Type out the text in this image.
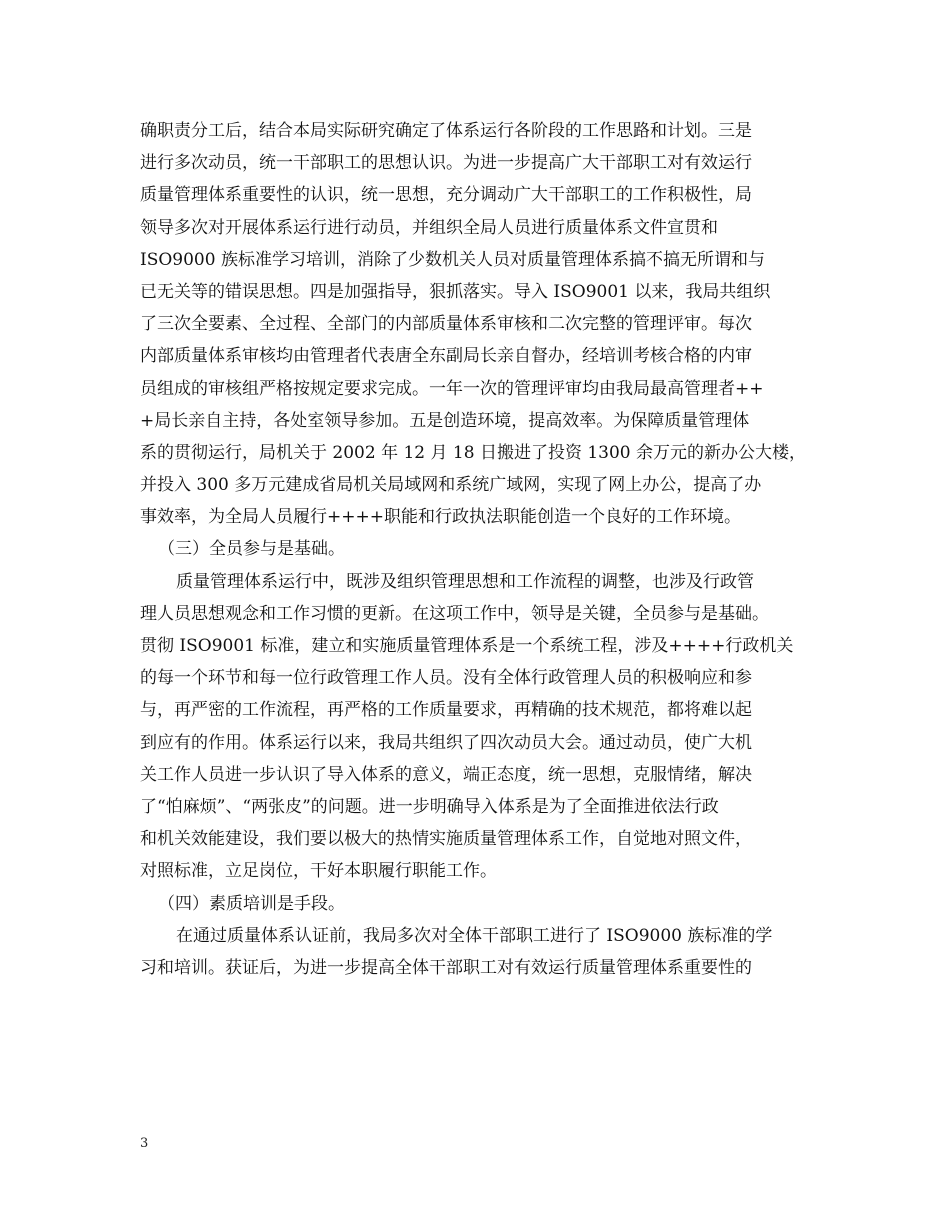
确职责分工后，结合本局实际研究确定了体系运行各阶段的工作思路和计划。三是
进行多次动员，统一干部职工的思想认识。为进一步提高广大干部职工对有效运行
质量管理体系重要性的认识，统一思想，充分调动广大干部职工的工作积极性，局
领导多次对开展体系运行进行动员，并组织全局人员进行质量体系文件宣贯和
ISO9000 族标准学习培训，消除了少数机关人员对质量管理体系搞不搞无所谓和与
已无关等的错误思想。四是加强指导，狠抓落实。导入 ISO9001 以来，我局共组织
了三次全要素、全过程、全部门的内部质量体系审核和二次完整的管理评审。每次
内部质量体系审核均由管理者代表唐全东副局长亲自督办，经培训考核合格的内审
员组成的审核组严格按规定要求完成。一年一次的管理评审均由我局最高管理者++
+局长亲自主持，各处室领导参加。五是创造环境，提高效率。为保障质量管理体
系的贯彻运行，局机关于 2002 年 12 月 18 日搬进了投资 1300 余万元的新办公大楼，
并投入 300 多万元建成省局机关局域网和系统广域网，实现了网上办公，提高了办
事效率，为全局人员履行++++职能和行政执法职能创造一个良好的工作环境。
（三）全员参与是基础。
质量管理体系运行中，既涉及组织管理思想和工作流程的调整，也涉及行政管
理人员思想观念和工作习惯的更新。在这项工作中，领导是关键，全员参与是基础。
贯彻 ISO9001 标准，建立和实施质量管理体系是一个系统工程，涉及++++行政机关
的每一个环节和每一位行政管理工作人员。没有全体行政管理人员的积极响应和参
与，再严密的工作流程，再严格的工作质量要求，再精确的技术规范，都将难以起
到应有的作用。体系运行以来，我局共组织了四次动员大会。通过动员，使广大机
关工作人员进一步认识了导入体系的意义，端正态度，统一思想，克服情绪，解决
了“怕麻烦”、“两张皮”的问题。进一步明确导入体系是为了全面推进依法行政
和机关效能建设，我们要以极大的热情实施质量管理体系工作，自觉地对照文件，
对照标准，立足岗位，干好本职履行职能工作。
（四）素质培训是手段。
在通过质量体系认证前，我局多次对全体干部职工进行了 ISO9000 族标准的学
习和培训。获证后，为进一步提高全体干部职工对有效运行质量管理体系重要性的
3
